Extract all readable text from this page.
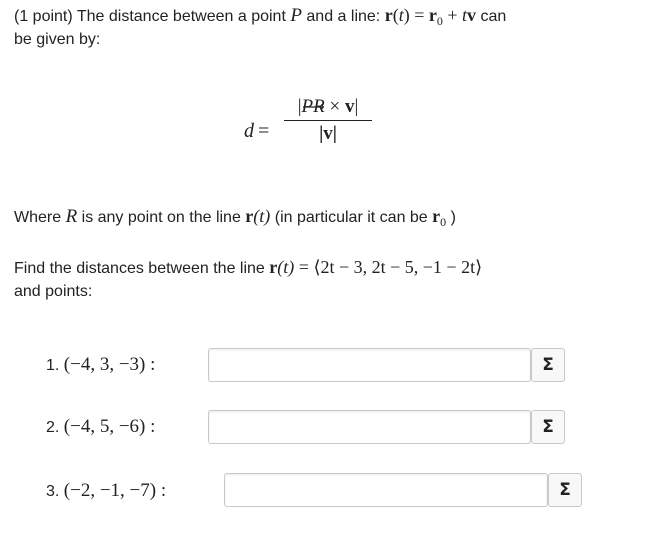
(1 point) The distance between a point P and a line: $r(t) = r_0$ + tv can
be given by:
d =
|
PR × v|
|v|
Where R is any point on the line r(t) (in particular it can be $r_0$ )
Find the distances between the line r(t) = ⟨2t − 3, 2t − 5, −1 − 2t⟩
and points:
1. (−4, 3, −3) :	Σ
2. (−4, 5, −6) :	Σ
3. (−2, −1, −7) :	Σ
